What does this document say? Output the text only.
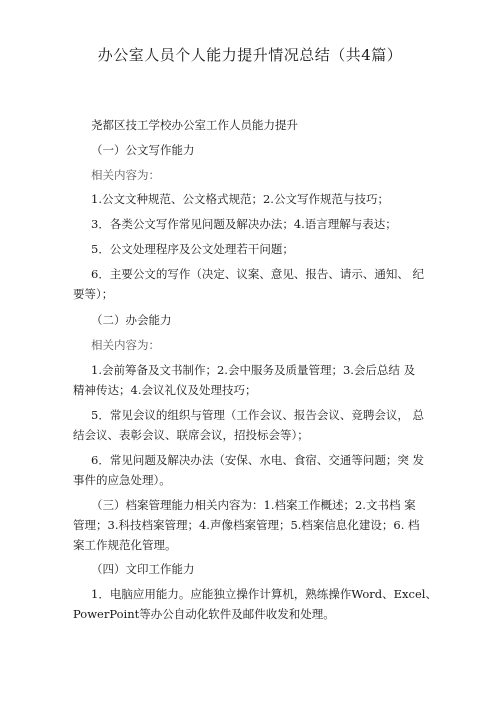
办公室人员个人能力提升情况总结（共4篇）
尧都区技工学校办公室工作人员能力提升
（一）公文写作能力
相关内容为：
1.公文文种规范、公文格式规范；2.公文写作规范与技巧；
3．各类公文写作常见问题及解决办法；4.语言理解与表达；
5．公文处理程序及公文处理若干问题；
6．主要公文的写作（决定、议案、意见、报告、请示、通知、 纪
要等）；
（二）办会能力
相关内容为：
1.会前筹备及文书制作；2.会中服务及质量管理；3.会后总结 及
精神传达；4.会议礼仪及处理技巧；
5．常见会议的组织与管理（工作会议、报告会议、竞聘会议， 总
结会议、表彰会议、联席会议，招投标会等）；
6．常见问题及解决办法（安保、水电、食宿、交通等问题；突 发
事件的应急处理）。
（三）档案管理能力相关内容为：1.档案工作概述；2.文书档 案
管理；3.科技档案管理；4.声像档案管理；5.档案信息化建设；6. 档
案工作规范化管理。
（四）文印工作能力
1．电脑应用能力。应能独立操作计算机，熟练操作Word、Excel、
PowerPoint等办公自动化软件及邮件收发和处理。
